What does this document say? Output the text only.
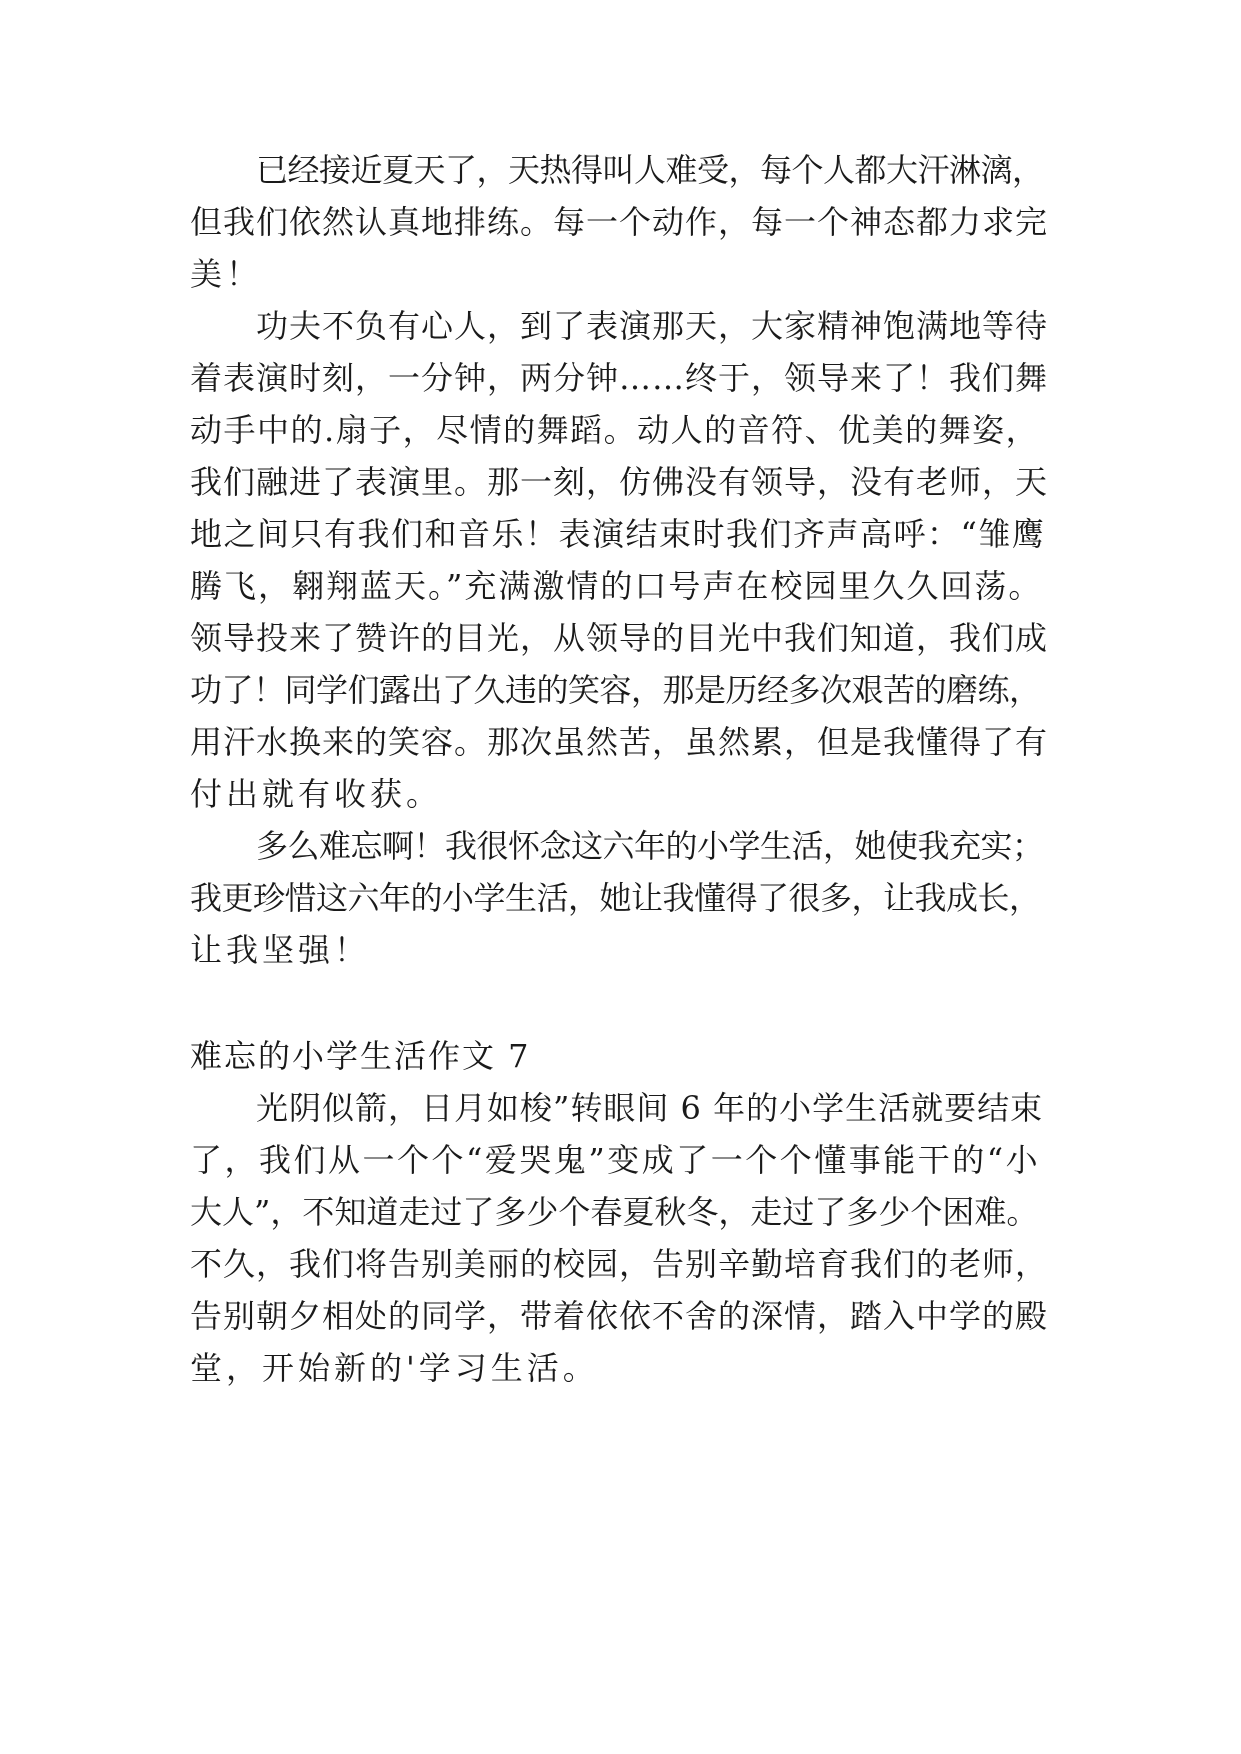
已经接近夏天了，天热得叫人难受，每个人都大汗淋漓，
但我们依然认真地排练。每一个动作，每一个神态都力求完
美！
功夫不负有心人，到了表演那天，大家精神饱满地等待
着表演时刻，一分钟，两分钟……终于，领导来了！我们舞
动手中的.扇子，尽情的舞蹈。动人的音符、优美的舞姿，
我们融进了表演里。那一刻，仿佛没有领导，没有老师，天
地之间只有我们和音乐！表演结束时我们齐声高呼：“雏鹰
腾飞，翱翔蓝天。”充满激情的口号声在校园里久久回荡。
领导投来了赞许的目光，从领导的目光中我们知道，我们成
功了！同学们露出了久违的笑容，那是历经多次艰苦的磨练，
用汗水换来的笑容。那次虽然苦，虽然累，但是我懂得了有
付出就有收获。
多么难忘啊！我很怀念这六年的小学生活，她使我充实；
我更珍惜这六年的小学生活，她让我懂得了很多，让我成长，
让我坚强！
难忘的小学生活作文 7
光阴似箭，日月如梭”转眼间 6 年的小学生活就要结束
了，我们从一个个“爱哭鬼”变成了一个个懂事能干的“小
大人”，不知道走过了多少个春夏秋冬，走过了多少个困难。
不久，我们将告别美丽的校园，告别辛勤培育我们的老师，
告别朝夕相处的同学，带着依依不舍的深情，踏入中学的殿
堂，开始新的'学习生活。
